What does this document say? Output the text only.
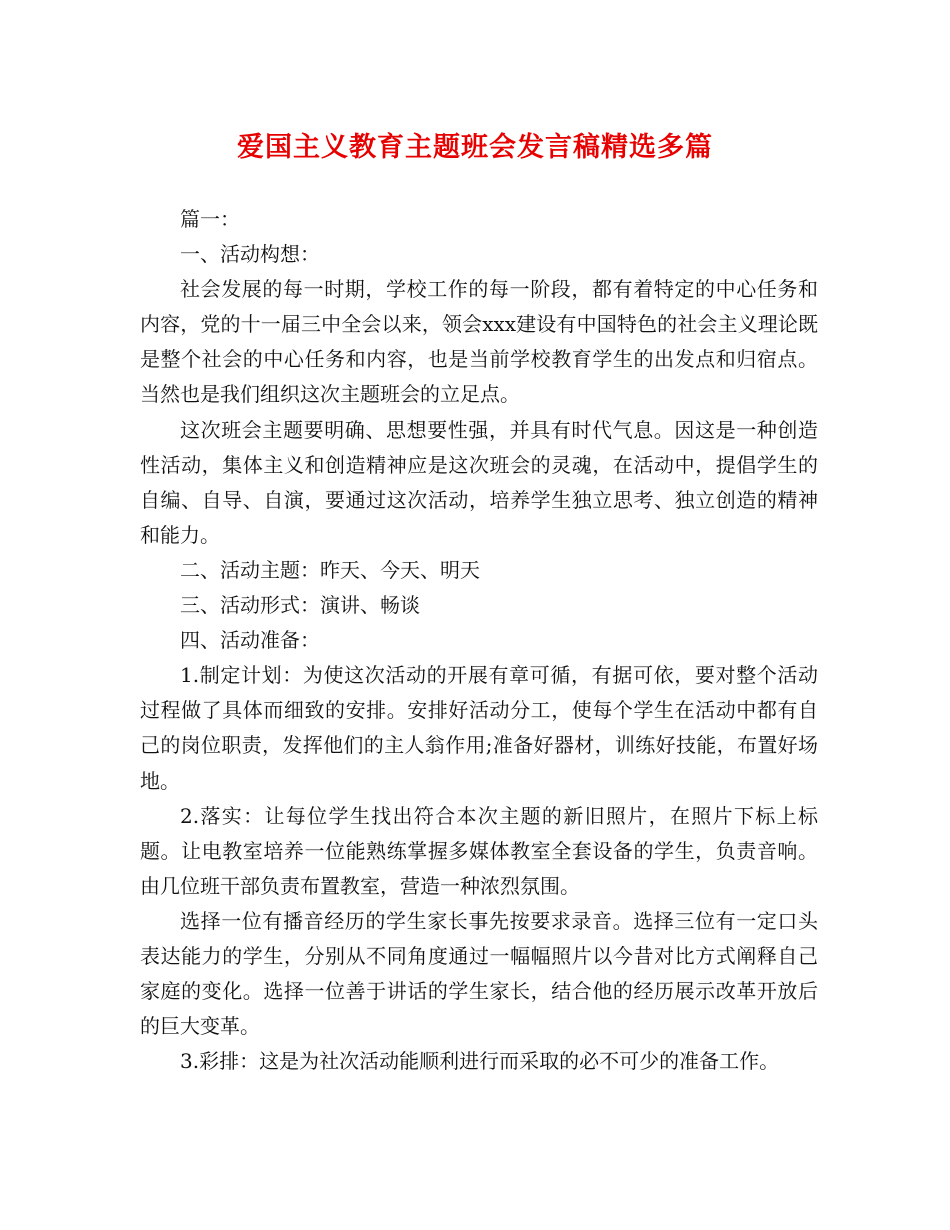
爱国主义教育主题班会发言稿精选多篇

篇一：

一、活动构想：

社会发展的每一时期，学校工作的每一阶段，都有着特定的中心任务和内容，党的十一届三中全会以来，领会xxx建设有中国特色的社会主义理论既是整个社会的中心任务和内容，也是当前学校教育学生的出发点和归宿点。当然也是我们组织这次主题班会的立足点。

这次班会主题要明确、思想要性强，并具有时代气息。因这是一种创造性活动，集体主义和创造精神应是这次班会的灵魂，在活动中，提倡学生的自编、自导、自演，要通过这次活动，培养学生独立思考、独立创造的精神和能力。

二、活动主题：昨天、今天、明天

三、活动形式：演讲、畅谈

四、活动准备：

1.制定计划：为使这次活动的开展有章可循，有据可依，要对整个活动过程做了具体而细致的安排。安排好活动分工，使每个学生在活动中都有自己的岗位职责，发挥他们的主人翁作用;准备好器材，训练好技能，布置好场地。

2.落实：让每位学生找出符合本次主题的新旧照片，在照片下标上标题。让电教室培养一位能熟练掌握多媒体教室全套设备的学生，负责音响。由几位班干部负责布置教室，营造一种浓烈氛围。

选择一位有播音经历的学生家长事先按要求录音。选择三位有一定口头表达能力的学生，分别从不同角度通过一幅幅照片以今昔对比方式阐释自己家庭的变化。选择一位善于讲话的学生家长，结合他的经历展示改革开放后的巨大变革。

3.彩排：这是为社次活动能顺利进行而采取的必不可少的准备工作。
